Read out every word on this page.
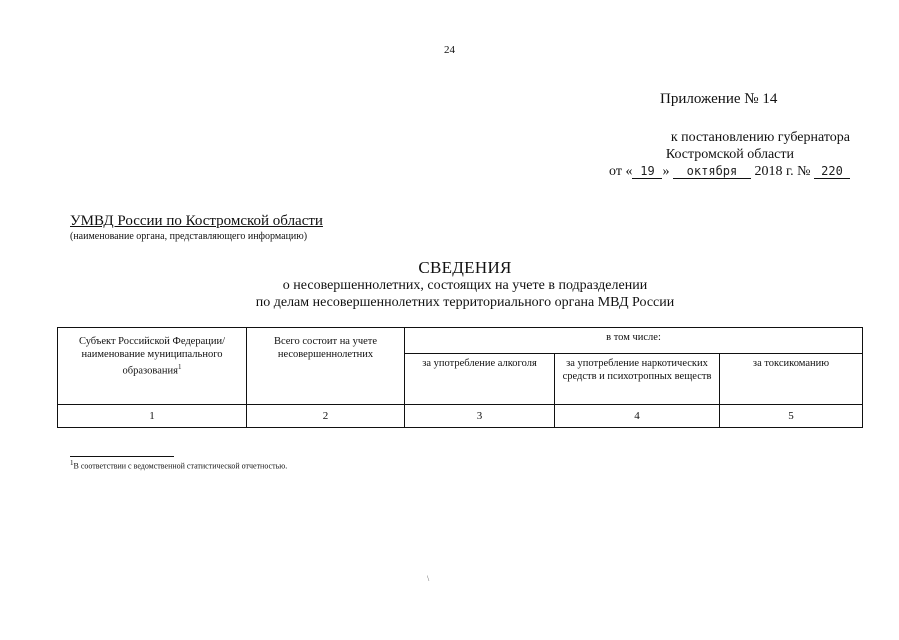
24
Приложение № 14
к постановлению губернатора
Костромской области
от « 19 » октября 2018 г. № 220
УМВД России по Костромской области
(наименование органа, представляющего информацию)
СВЕДЕНИЯ
о несовершеннолетних, состоящих на учете в подразделении
по делам несовершеннолетних территориального органа МВД России
Субъект Российской Федерации/ наименование муниципального образования$^1$	Всего состоит на учете несовершеннолетних	в том числе:		
		за употребление алкоголя	за употребление наркотических средств и психотропных веществ	за токсикоманию
1	2	3	4	5
$^1$В соответствии с ведомственной статистической отчетностью.
\
